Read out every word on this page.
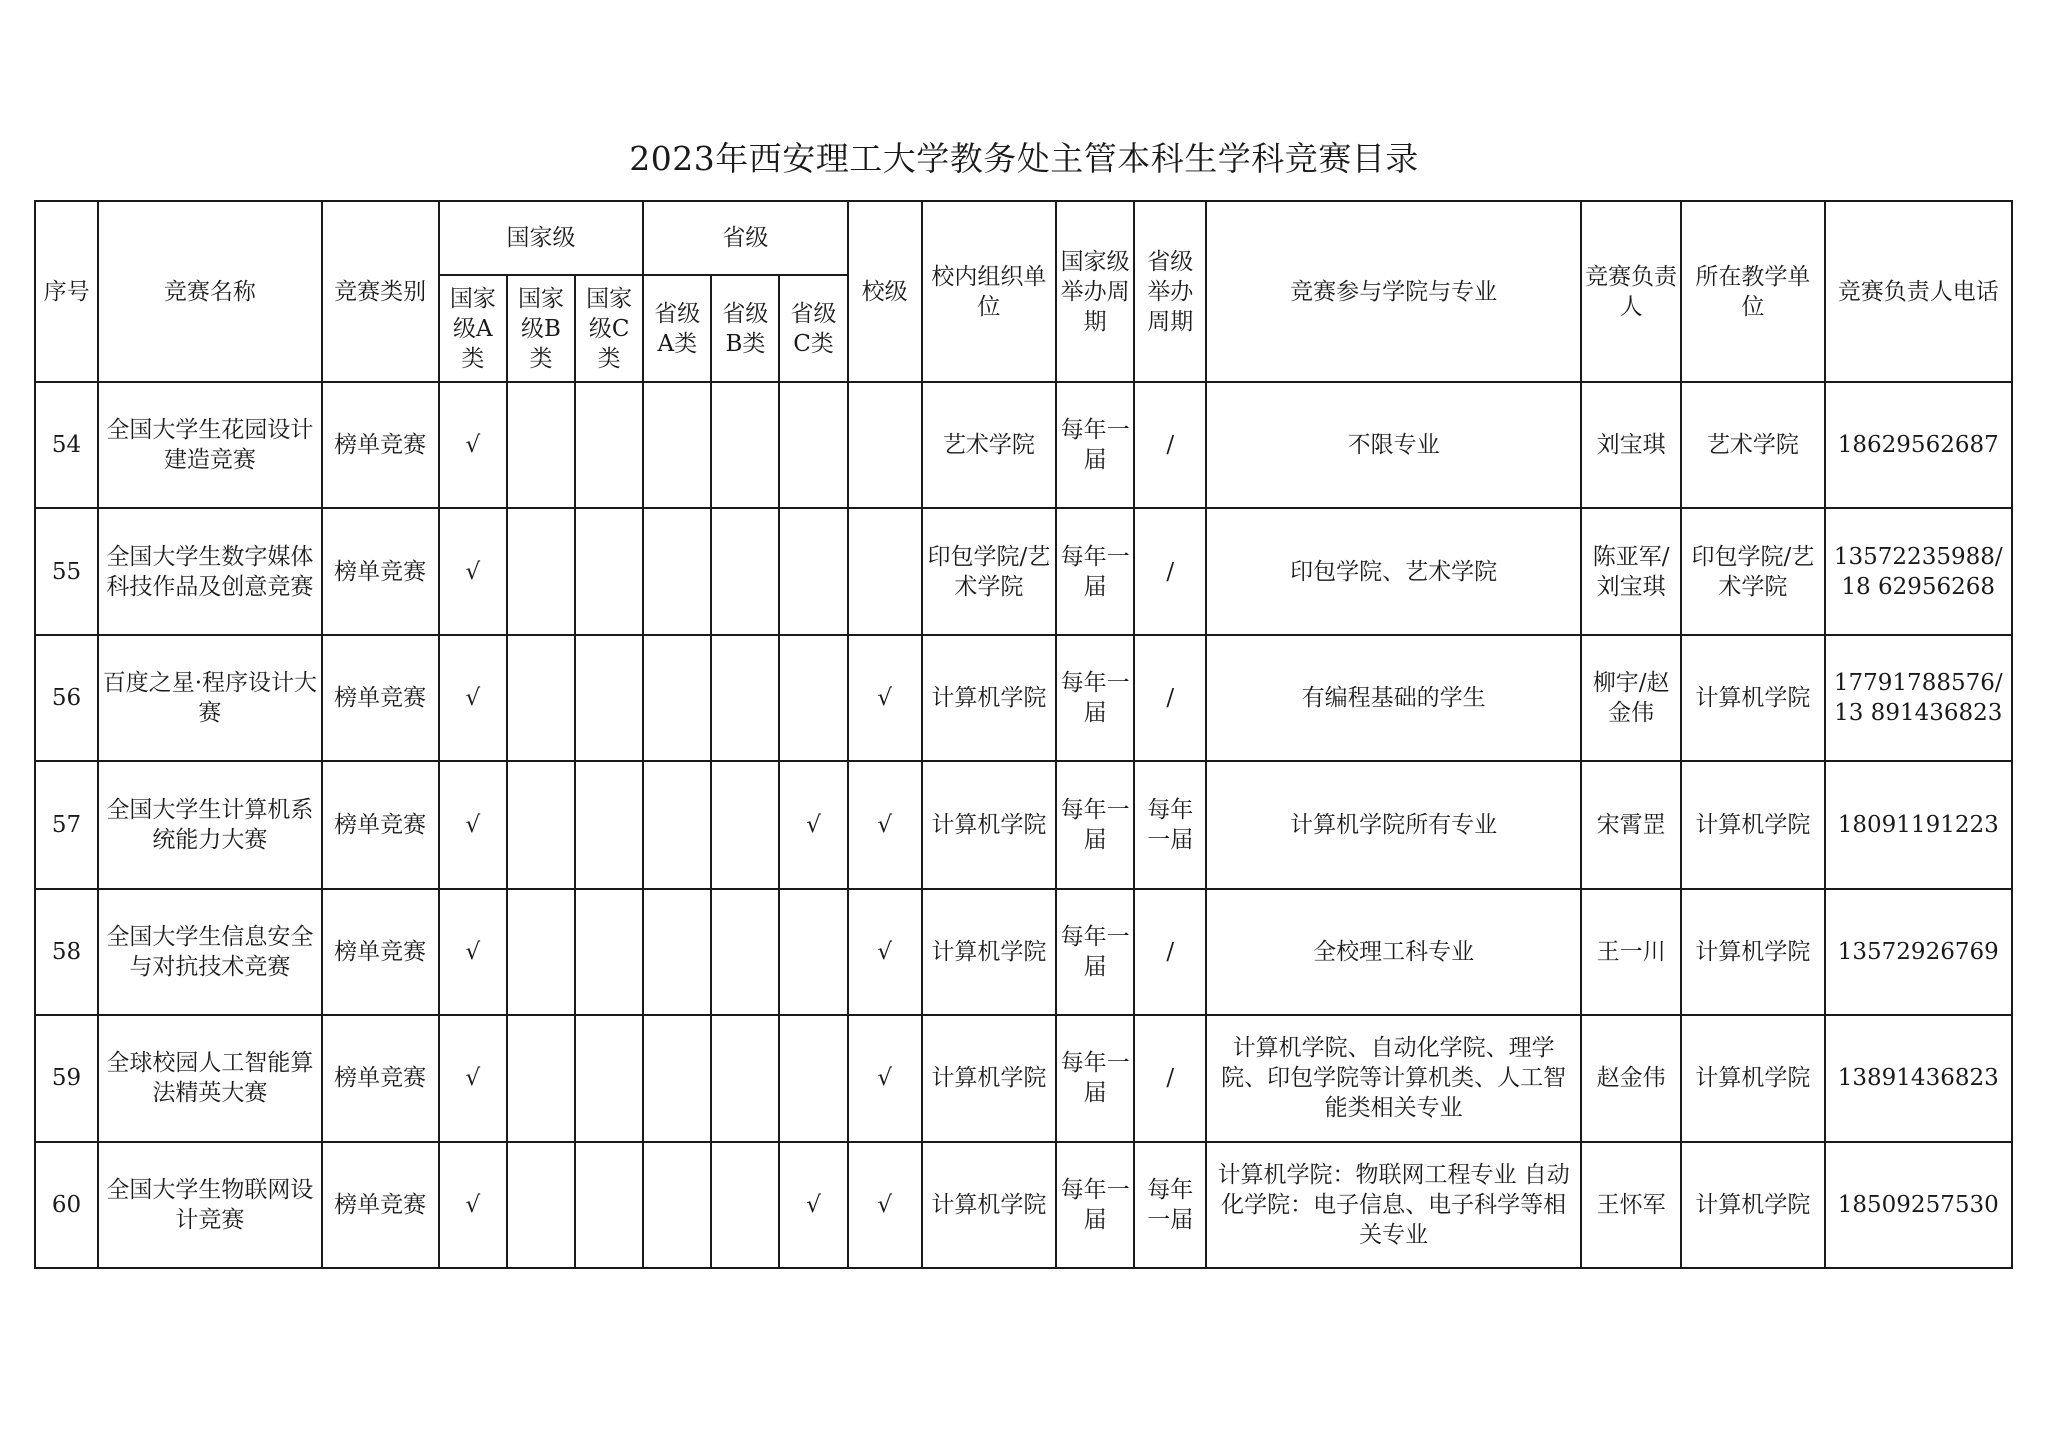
2023年西安理工大学教务处主管本科生学科竞赛目录
序号	竞赛名称	竞赛类别	国家级			省级			校级	校内组织单位	国家级举办周期	省级举办周期	竞赛参与学院与专业	竞赛负责人	所在教学单位	竞赛负责人电话
			国家级A类	国家级B类	国家级C类	省级A类	省级B类	省级C类								
54	全国大学生花园设计建造竞赛	榜单竞赛	√							艺术学院	每年一届	/	不限专业	刘宝琪	艺术学院	18629562687
55	全国大学生数字媒体科技作品及创意竞赛	榜单竞赛	√							印包学院/艺术学院	每年一届	/	印包学院、艺术学院	陈亚军/刘宝琪	印包学院/艺术学院	13572235988/18 62956268
56	百度之星·程序设计大赛	榜单竞赛	√						√	计算机学院	每年一届	/	有编程基础的学生	柳宇/赵金伟	计算机学院	17791788576/13 891436823
57	全国大学生计算机系统能力大赛	榜单竞赛	√					√	√	计算机学院	每年一届	每年一届	计算机学院所有专业	宋霄罡	计算机学院	18091191223
58	全国大学生信息安全与对抗技术竞赛	榜单竞赛	√						√	计算机学院	每年一届	/	全校理工科专业	王一川	计算机学院	13572926769
59	全球校园人工智能算法精英大赛	榜单竞赛	√						√	计算机学院	每年一届	/	计算机学院、自动化学院、理学院、印包学院等计算机类、人工智能类相关专业	赵金伟	计算机学院	13891436823
60	全国大学生物联网设计竞赛	榜单竞赛	√					√	√	计算机学院	每年一届	每年一届	计算机学院：物联网工程专业 自动化学院：电子信息、电子科学等相关专业	王怀军	计算机学院	18509257530
